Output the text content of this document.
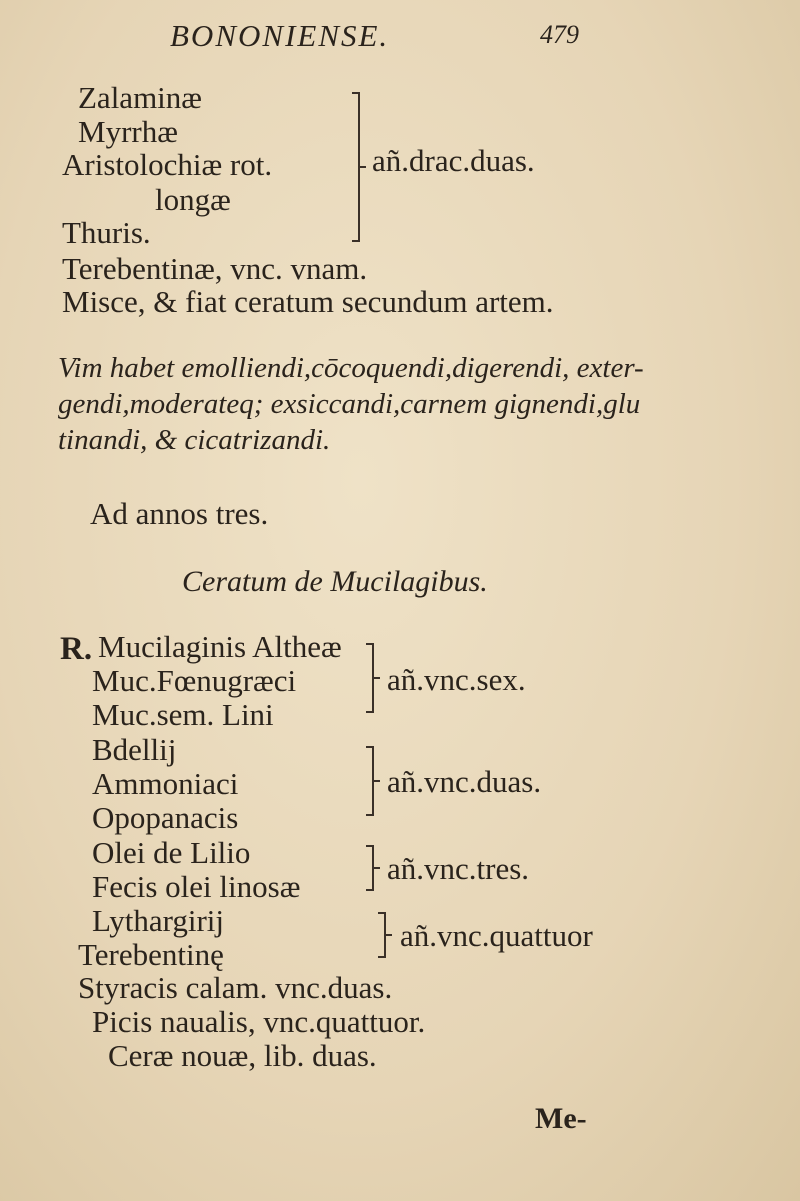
BONONIENSE.	479
Zalaminæ
Myrrhæ
Aristolochiæ rot.
longæ
Thuris.
añ.drac.duas.
Terebentinæ, vnc. vnam.
Misce, & fiat ceratum secundum artem.
Vim habet emolliendi,cōcoquendi,digerendi, exter-
gendi,moderateq; exsiccandi,carnem gignendi,glu
tinandi, & cicatrizandi.
Ad annos tres.
Ceratum de Mucilagibus.
R. Mucilaginis Altheæ
Muc.Fœnugræci
Muc.sem. Lini
añ.vnc.sex.
Bdellij
Ammoniaci
Opopanacis
añ.vnc.duas.
Olei de Lilio
Fecis olei linosæ
añ.vnc.tres.
Lythargirij
Terebentinę
añ.vnc.quattuor
Styracis calam. vnc.duas.
Picis naualis, vnc.quattuor.
Ceræ nouæ, lib. duas.
Me-
